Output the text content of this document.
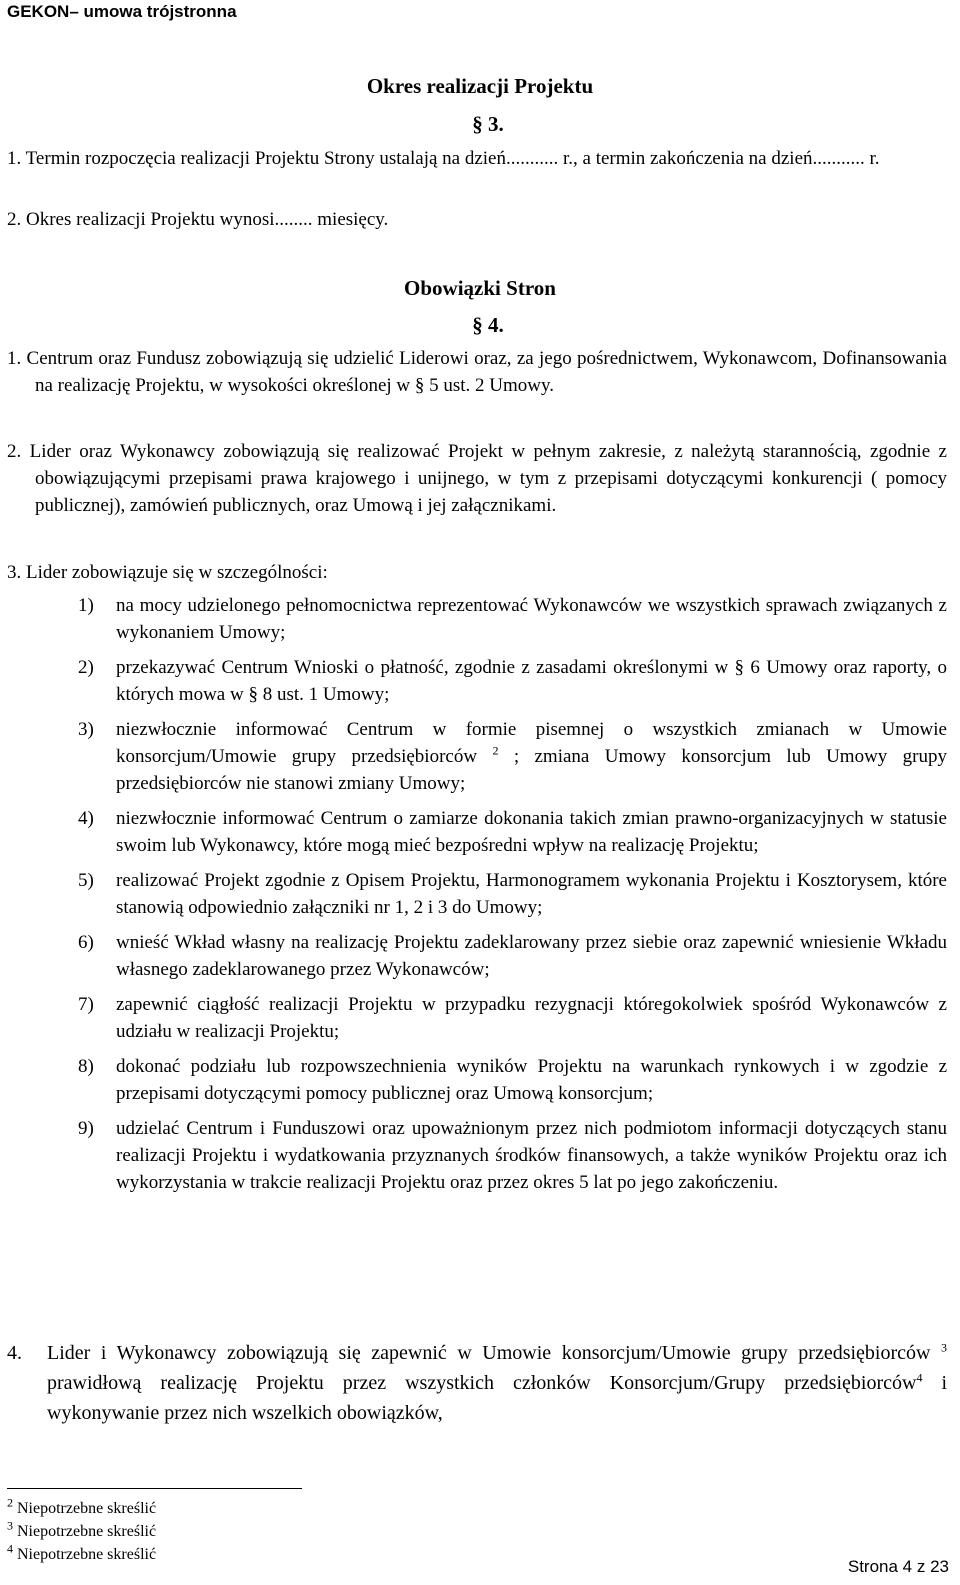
GEKON– umowa trójstronna
Okres realizacji Projektu
§ 3.
1. Termin rozpoczęcia realizacji Projektu Strony ustalają na dzień........... r., a termin zakończenia na dzień........... r.
2. Okres realizacji Projektu wynosi........ miesięcy.
Obowiązki Stron
§ 4.
1. Centrum oraz Fundusz zobowiązują się udzielić Liderowi oraz, za jego pośrednictwem, Wykonawcom, Dofinansowania na realizację Projektu, w wysokości określonej w § 5 ust. 2 Umowy.
2. Lider oraz Wykonawcy zobowiązują się realizować Projekt w pełnym zakresie, z należytą starannością, zgodnie z obowiązującymi przepisami prawa krajowego i unijnego, w tym z przepisami dotyczącymi konkurencji ( pomocy publicznej), zamówień publicznych, oraz Umową i jej załącznikami.
3. Lider zobowiązuje się w szczególności:
1)	na mocy udzielonego pełnomocnictwa reprezentować Wykonawców we wszystkich sprawach związanych z wykonaniem Umowy;
2)	przekazywać Centrum Wnioski o płatność, zgodnie z zasadami określonymi w § 6 Umowy oraz raporty, o których mowa w § 8 ust. 1 Umowy;
3)	niezwłocznie informować Centrum w formie pisemnej o wszystkich zmianach w Umowie konsorcjum/Umowie grupy przedsiębiorców $^2$ ; zmiana Umowy konsorcjum lub Umowy grupy przedsiębiorców nie stanowi zmiany Umowy;
4)	niezwłocznie informować Centrum o zamiarze dokonania takich zmian prawno-organizacyjnych w statusie swoim lub Wykonawcy, które mogą mieć bezpośredni wpływ na realizację Projektu;
5)	realizować Projekt zgodnie z Opisem Projektu, Harmonogramem wykonania Projektu i Kosztorysem, które stanowią odpowiednio załączniki nr 1, 2 i 3 do Umowy;
6)	wnieść Wkład własny na realizację Projektu zadeklarowany przez siebie oraz zapewnić wniesienie Wkładu własnego zadeklarowanego przez Wykonawców;
7)	zapewnić ciągłość realizacji Projektu w przypadku rezygnacji któregokolwiek spośród Wykonawców z udziału w realizacji Projektu;
8)	dokonać podziału lub rozpowszechnienia wyników Projektu na warunkach rynkowych i w zgodzie z przepisami dotyczącymi pomocy publicznej oraz Umową konsorcjum;
9)	udzielać Centrum i Funduszowi oraz upoważnionym przez nich podmiotom informacji dotyczących stanu realizacji Projektu i wydatkowania przyznanych środków finansowych, a także wyników Projektu oraz ich wykorzystania w trakcie realizacji Projektu oraz przez okres 5 lat po jego zakończeniu.
4.	Lider i Wykonawcy zobowiązują się zapewnić w Umowie konsorcjum/Umowie grupy przedsiębiorców $^3$ prawidłową realizację Projektu przez wszystkich członków Konsorcjum/Grupy przedsiębiorców$^4$ i wykonywanie przez nich wszelkich obowiązków,
$^2$ Niepotrzebne skreślić
$^3$ Niepotrzebne skreślić
$^4$ Niepotrzebne skreślić
Strona 4 z 23
